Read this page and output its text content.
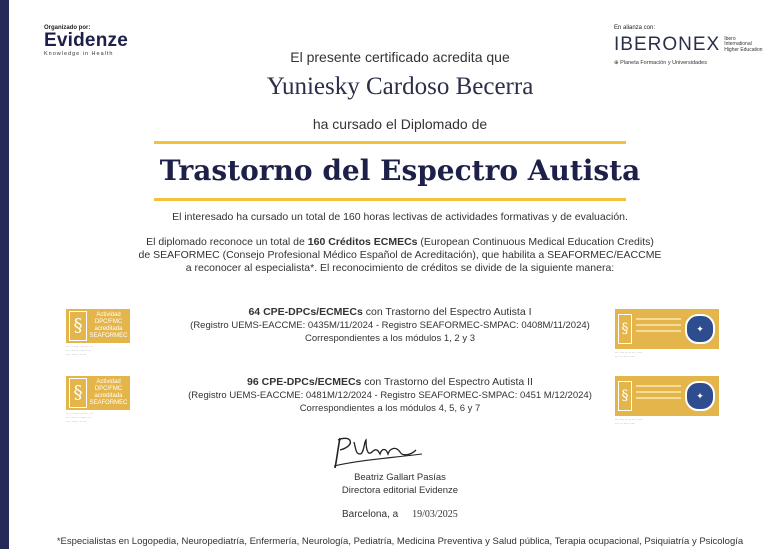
Organizado por:
Evidenze
Knowledge in Health
En alianza con:
IBERONEX Ibero
International
Higher Education
⊕ Planeta Formación y Universidades
El presente certificado acredita que
Yuniesky Cardoso Becerra
ha cursado el Diplomado de
Trastorno del Espectro Autista
El interesado ha cursado un total de 160 horas lectivas de actividades formativas y de evaluación.
El diplomado reconoce un total de 160 Créditos ECMECs (European Continuous Medical Education Credits)
de SEAFORMEC (Consejo Profesional Médico Español de Acreditación), que habilita a SEAFORMEC/EACCME
a reconocer al especialista*. El reconocimiento de créditos se divide de la siguiente manera:
§	Actividad DPC/FMC
acreditada
SEAFORMEC
··· ·· ···· ···· ··· ···
··· ···· ·· ······ ···
···· ······ ·· ···
64 CPE-DPCs/ECMECs con Trastorno del Espectro Autista I
(Registro UEMS-EACCME: 0435M/11/2024 - Registro SEAFORMEC-SMPAC: 0408M/11/2024)
Correspondientes a los módulos 1, 2 y 3
§	✦
··· ···· ····· ··· ·····
···· ·· ····· ····
§	Actividad DPC/FMC
acreditada
SEAFORMEC
··· ·· ···· ···· ··· ···
··· ···· ·· ······ ···
···· ······ ·· ···
96 CPE-DPCs/ECMECs con Trastorno del Espectro Autista II
(Registro UEMS-EACCME: 0481M/12/2024 - Registro SEAFORMEC-SMPAC: 0451 M/12/2024)
Correspondientes a los módulos 4, 5, 6 y 7
§	✦
··· ···· ····· ··· ·····
···· ·· ····· ····
Beatriz Gallart Pasías
Directora editorial Evidenze
Barcelona, a 19/03/2025
*Especialistas en Logopedia, Neuropediatría, Enfermería, Neurología, Pediatría, Medicina Preventiva y Salud pública, Terapia ocupacional, Psiquiatría y Psicología
